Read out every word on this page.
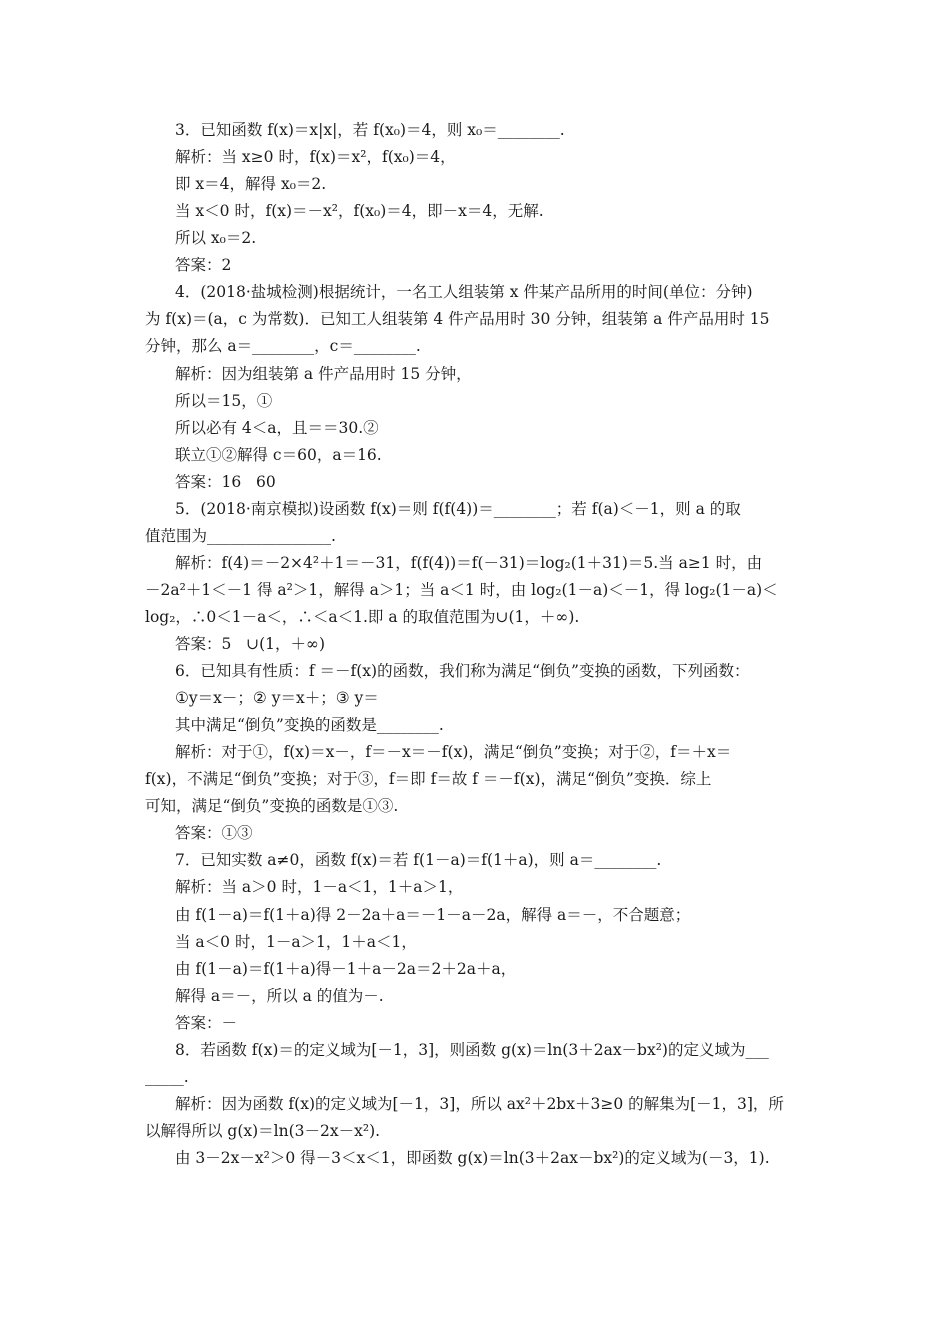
3．已知函数 f(x)＝x|x|，若 f(x₀)＝4，则 x₀＝________.
解析：当 x≥0 时，f(x)＝x²，f(x₀)＝4，
即 x＝4，解得 x₀＝2.
当 x＜0 时，f(x)＝－x²，f(x₀)＝4，即－x＝4，无解.
所以 x₀＝2.
答案：2
4．(2018·盐城检测)根据统计，一名工人组装第 x 件某产品所用的时间(单位：分钟)
为 f(x)＝(a，c 为常数)．已知工人组装第 4 件产品用时 30 分钟，组装第 a 件产品用时 15
分钟，那么 a＝________，c＝________.
解析：因为组装第 a 件产品用时 15 分钟，
所以＝15，①
所以必有 4＜a，且＝＝30.②
联立①②解得 c＝60，a＝16.
答案：16   60
5．(2018·南京模拟)设函数 f(x)＝则 f(f(4))＝________；若 f(a)＜－1，则 a 的取
值范围为________________.
解析：f(4)＝－2×4²＋1＝－31，f(f(4))＝f(－31)＝log₂(1＋31)＝5.当 a≥1 时，由
－2a²＋1＜－1 得 a²＞1，解得 a＞1；当 a＜1 时，由 log₂(1－a)＜－1，得 log₂(1－a)＜
log₂，∴0＜1－a＜，∴＜a＜1.即 a 的取值范围为∪(1，＋∞).
答案：5   ∪(1，＋∞)
6．已知具有性质：f ＝－f(x)的函数，我们称为满足“倒负”变换的函数，下列函数：
①y＝x－；② y＝x＋；③ y＝
其中满足“倒负”变换的函数是________.
解析：对于①，f(x)＝x－，f＝－x＝－f(x)，满足“倒负”变换；对于②，f＝＋x＝
f(x)，不满足“倒负”变换；对于③，f＝即 f＝故 f ＝－f(x)，满足“倒负”变换．综上
可知，满足“倒负”变换的函数是①③.
答案：①③
7．已知实数 a≠0，函数 f(x)＝若 f(1－a)＝f(1＋a)，则 a＝________.
解析：当 a＞0 时，1－a＜1，1＋a＞1，
由 f(1－a)＝f(1＋a)得 2－2a＋a＝－1－a－2a，解得 a＝－，不合题意；
当 a＜0 时，1－a＞1，1＋a＜1，
由 f(1－a)＝f(1＋a)得－1＋a－2a＝2＋2a＋a，
解得 a＝－，所以 a 的值为－.
答案：－
8．若函数 f(x)＝的定义域为[－1，3]，则函数 g(x)＝ln(3＋2ax－bx²)的定义域为___
_____.
解析：因为函数 f(x)的定义域为[－1，3]，所以 ax²＋2bx＋3≥0 的解集为[－1，3]，所
以解得所以 g(x)＝ln(3－2x－x²).
由 3－2x－x²＞0 得－3＜x＜1，即函数 g(x)＝ln(3＋2ax－bx²)的定义域为(－3，1).
